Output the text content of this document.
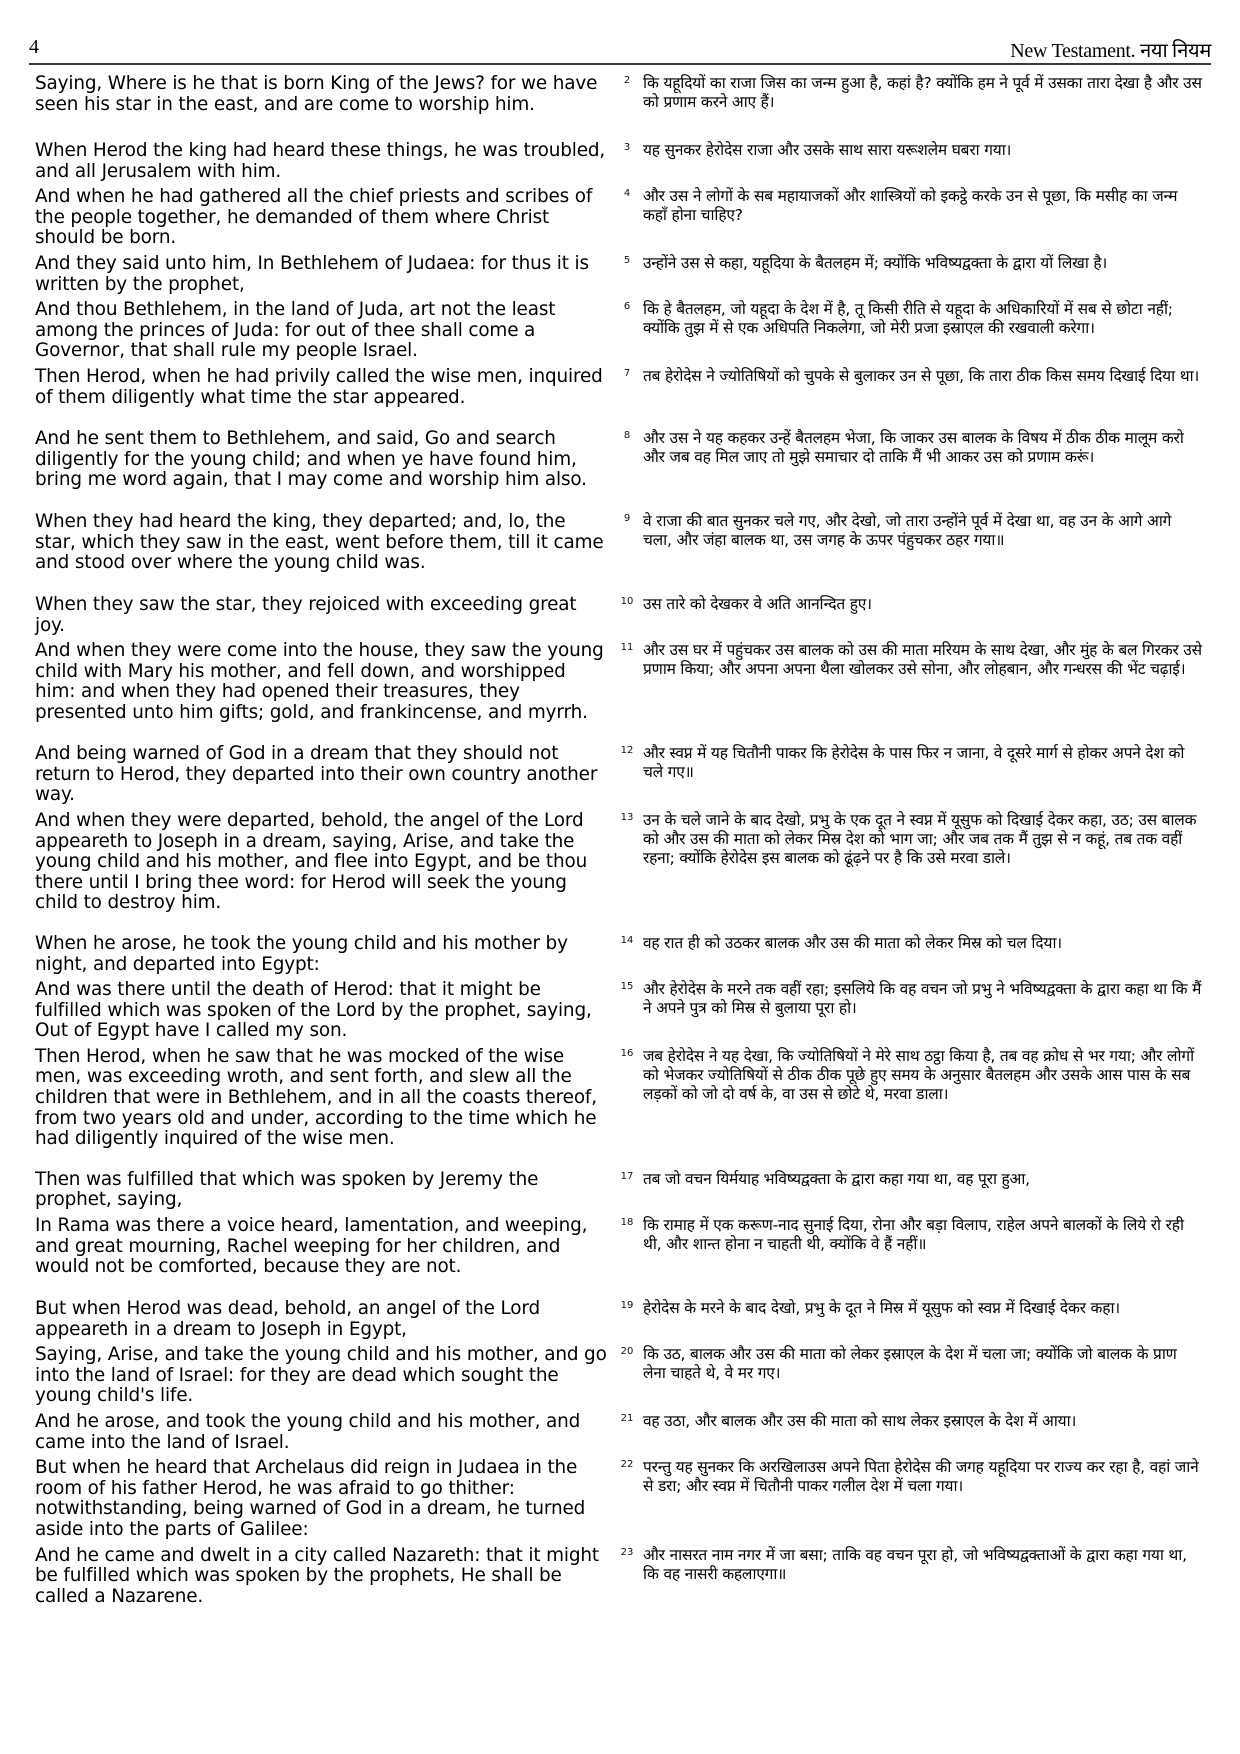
4	New Testament. नया नियम
Saying, Where is he that is born King of the Jews? for we have seen his star in the east, and are come to worship him.
2 कि यहूदियों का राजा जिस का जन्म हुआ है, कहां है? क्योंकि हम ने पूर्व में उसका तारा देखा है और उस को प्रणाम करने आए हैं।
When Herod the king had heard these things, he was troubled, and all Jerusalem with him.
3 यह सुनकर हेरोदेस राजा और उसके साथ सारा यरूशलेम घबरा गया।
And when he had gathered all the chief priests and scribes of the people together, he demanded of them where Christ should be born.
4 और उस ने लोगों के सब महायाजकों और शास्त्रियों को इकट्ठे करके उन से पूछा, कि मसीह का जन्म कहाँ होना चाहिए?
And they said unto him, In Bethlehem of Judaea: for thus it is written by the prophet,
5 उन्होंने उस से कहा, यहूदिया के बैतलहम में; क्योंकि भविष्यद्वक्ता के द्वारा यों लिखा है।
And thou Bethlehem, in the land of Juda, art not the least among the princes of Juda: for out of thee shall come a Governor, that shall rule my people Israel.
6 कि हे बैतलहम, जो यहूदा के देश में है, तू किसी रीति से यहूदा के अधिकारियों में सब से छोटा नहीं; क्योंकि तुझ में से एक अधिपति निकलेगा, जो मेरी प्रजा इस्राएल की रखवाली करेगा।
Then Herod, when he had privily called the wise men, inquired of them diligently what time the star appeared.
7 तब हेरोदेस ने ज्योतिषियों को चुपके से बुलाकर उन से पूछा, कि तारा ठीक किस समय दिखाई दिया था।
And he sent them to Bethlehem, and said, Go and search diligently for the young child; and when ye have found him, bring me word again, that I may come and worship him also.
8 और उस ने यह कहकर उन्हें बैतलहम भेजा, कि जाकर उस बालक के विषय में ठीक ठीक मालूम करो और जब वह मिल जाए तो मुझे समाचार दो ताकि मैं भी आकर उस को प्रणाम करूं।
When they had heard the king, they departed; and, lo, the star, which they saw in the east, went before them, till it came and stood over where the young child was.
9 वे राजा की बात सुनकर चले गए, और देखो, जो तारा उन्होंने पूर्व में देखा था, वह उन के आगे आगे चला, और जंहा बालक था, उस जगह के ऊपर पंहुचकर ठहर गया॥
When they saw the star, they rejoiced with exceeding great joy.
10 उस तारे को देखकर वे अति आनन्दित हुए।
And when they were come into the house, they saw the young child with Mary his mother, and fell down, and worshipped him: and when they had opened their treasures, they presented unto him gifts; gold, and frankincense, and myrrh.
11 और उस घर में पहुंचकर उस बालक को उस की माता मरियम के साथ देखा, और मुंह के बल गिरकर उसे प्रणाम किया; और अपना अपना थैला खोलकर उसे सोना, और लोहबान, और गन्धरस की भेंट चढ़ाई।
And being warned of God in a dream that they should not return to Herod, they departed into their own country another way.
12 और स्वप्न में यह चितौनी पाकर कि हेरोदेस के पास फिर न जाना, वे दूसरे मार्ग से होकर अपने देश को चले गए॥
And when they were departed, behold, the angel of the Lord appeareth to Joseph in a dream, saying, Arise, and take the young child and his mother, and flee into Egypt, and be thou there until I bring thee word: for Herod will seek the young child to destroy him.
13 उन के चले जाने के बाद देखो, प्रभु के एक दूत ने स्वप्न में यूसुफ को दिखाई देकर कहा, उठ; उस बालक को और उस की माता को लेकर मिस्र देश को भाग जा; और जब तक मैं तुझ से न कहूं, तब तक वहीं रहना; क्योंकि हेरोदेस इस बालक को ढूंढ़ने पर है कि उसे मरवा डाले।
When he arose, he took the young child and his mother by night, and departed into Egypt:
14 वह रात ही को उठकर बालक और उस की माता को लेकर मिस्र को चल दिया।
And was there until the death of Herod: that it might be fulfilled which was spoken of the Lord by the prophet, saying, Out of Egypt have I called my son.
15 और हेरोदेस के मरने तक वहीं रहा; इसलिये कि वह वचन जो प्रभु ने भविष्यद्वक्ता के द्वारा कहा था कि मैं ने अपने पुत्र को मिस्र से बुलाया पूरा हो।
Then Herod, when he saw that he was mocked of the wise men, was exceeding wroth, and sent forth, and slew all the children that were in Bethlehem, and in all the coasts thereof, from two years old and under, according to the time which he had diligently inquired of the wise men.
16 जब हेरोदेस ने यह देखा, कि ज्योतिषियों ने मेरे साथ ठट्ठा किया है, तब वह क्रोध से भर गया; और लोगों को भेजकर ज्योतिषियों से ठीक ठीक पूछे हुए समय के अनुसार बैतलहम और उसके आस पास के सब लड़कों को जो दो वर्ष के, वा उस से छोटे थे, मरवा डाला।
Then was fulfilled that which was spoken by Jeremy the prophet, saying,
17 तब जो वचन यिर्मयाह भविष्यद्वक्ता के द्वारा कहा गया था, वह पूरा हुआ,
In Rama was there a voice heard, lamentation, and weeping, and great mourning, Rachel weeping for her children, and would not be comforted, because they are not.
18 कि रामाह में एक करूण-नाद सुनाई दिया, रोना और बड़ा विलाप, राहेल अपने बालकों के लिये रो रही थी, और शान्त होना न चाहती थी, क्योंकि वे हैं नहीं॥
But when Herod was dead, behold, an angel of the Lord appeareth in a dream to Joseph in Egypt,
19 हेरोदेस के मरने के बाद देखो, प्रभु के दूत ने मिस्र में यूसुफ को स्वप्न में दिखाई देकर कहा।
Saying, Arise, and take the young child and his mother, and go into the land of Israel: for they are dead which sought the young child's life.
20 कि उठ, बालक और उस की माता को लेकर इस्राएल के देश में चला जा; क्योंकि जो बालक के प्राण लेना चाहते थे, वे मर गए।
And he arose, and took the young child and his mother, and came into the land of Israel.
21 वह उठा, और बालक और उस की माता को साथ लेकर इस्राएल के देश में आया।
But when he heard that Archelaus did reign in Judaea in the room of his father Herod, he was afraid to go thither: notwithstanding, being warned of God in a dream, he turned aside into the parts of Galilee:
22 परन्तु यह सुनकर कि अरखिलाउस अपने पिता हेरोदेस की जगह यहूदिया पर राज्य कर रहा है, वहां जाने से डरा; और स्वप्न में चितौनी पाकर गलील देश में चला गया।
And he came and dwelt in a city called Nazareth: that it might be fulfilled which was spoken by the prophets, He shall be called a Nazarene.
23 और नासरत नाम नगर में जा बसा; ताकि वह वचन पूरा हो, जो भविष्यद्वक्ताओं के द्वारा कहा गया था, कि वह नासरी कहलाएगा॥
